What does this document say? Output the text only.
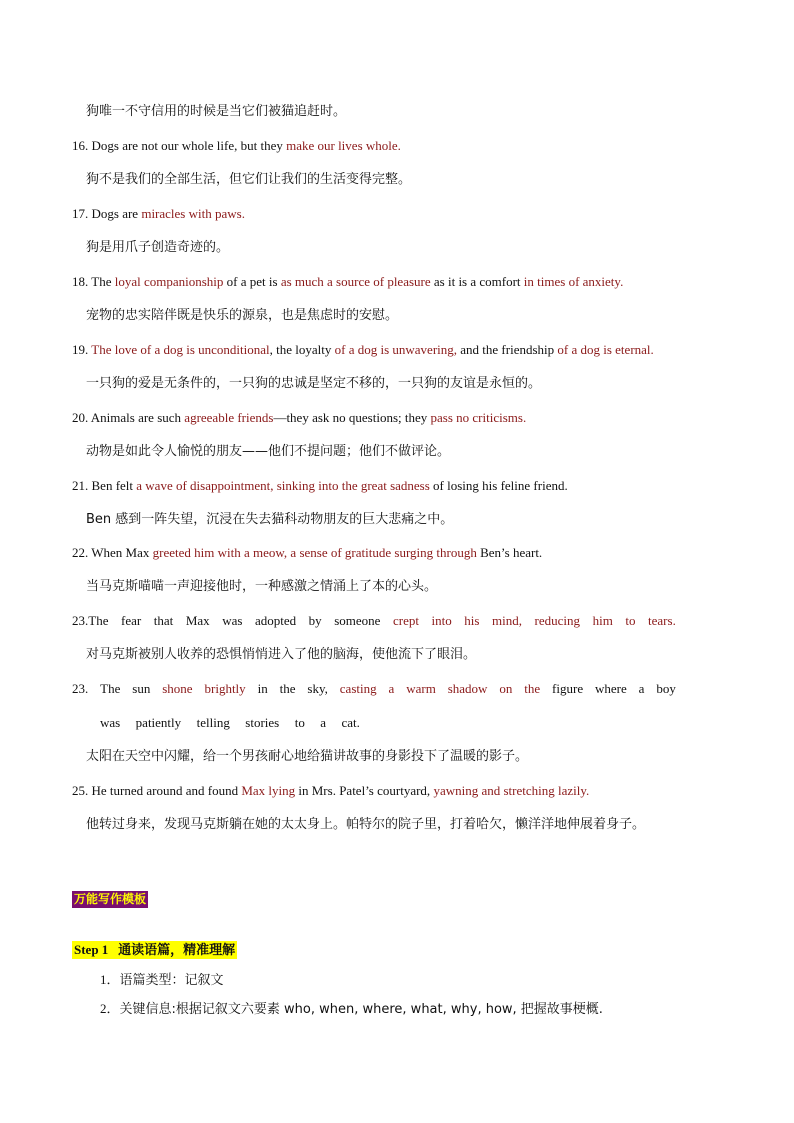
狗唯一不守信用的时候是当它们被猫追赶时。
16. Dogs are not our whole life, but they make our lives whole.
狗不是我们的全部生活，但它们让我们的生活变得完整。
17. Dogs are miracles with paws.
狗是用爪子创造奇迹的。
18. The loyal companionship of a pet is as much a source of pleasure as it is a comfort in times of anxiety.
宠物的忠实陪伴既是快乐的源泉，也是焦虑时的安慰。
19. The love of a dog is unconditional, the loyalty of a dog is unwavering, and the friendship of a dog is eternal.
一只狗的爱是无条件的，一只狗的忠诚是坚定不移的，一只狗的友谊是永恒的。
20. Animals are such agreeable friends—they ask no questions; they pass no criticisms.
动物是如此令人愉悦的朋友——他们不提问题；他们不做评论。
21. Ben felt a wave of disappointment, sinking into the great sadness of losing his feline friend.
Ben 感到一阵失望，沉浸在失去猫科动物朋友的巨大悲痛之中。
22. When Max greeted him with a meow, a sense of gratitude surging through Ben’s heart.
当马克斯喵喵一声迎接他时，一种感激之情涌上了本的心头。
23.The fear that Max was adopted by someone crept into his mind, reducing him to tears.
对马克斯被别人收养的恐惧悄悄进入了他的脑海，使他流下了眼泪。
23. The sun shone brightly in the sky, casting a warm shadow on the figure where a boy
was patiently telling stories to a cat.
太阳在天空中闪耀，给一个男孩耐心地给猫讲故事的身影投下了温暖的影子。
25. He turned around and found Max lying in Mrs. Patel’s courtyard, yawning and stretching lazily.
他转过身来，发现马克斯躺在她的太太身上。帕特尔的院子里，打着哈欠，懒洋洋地伸展着身子。
万能写作模板
Step 1 通读语篇，精准理解
1．语篇类型：记叙文
2．关键信息:根据记叙文六要素 who, when, where, what, why, how, 把握故事梗概.
